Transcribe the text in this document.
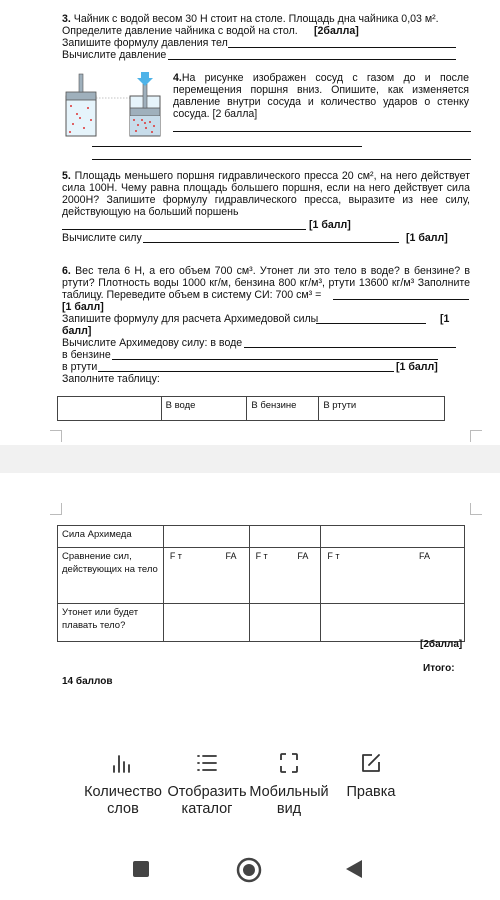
3. Чайник с водой весом 30 Н стоит на столе. Площадь дна чайника 0,03 м².
Определите давление чайника с водой на стол. [2балла]
Запишите формулу давления тел
Вычислите давление
4.На рисунке изображен сосуд с газом до и после перемещения поршня вниз. Опишите, как изменяется давление внутри сосуда и количество ударов о стенку сосуда. [2 балла]
5. Площадь меньшего поршня гидравлического пресса 20 см², на него действует сила 100Н. Чему равна площадь большего поршня, если на него действует сила 2000Н? Запишите формулу гидравлического пресса, выразите из нее силу, действующую на больший поршень
[1 балл]
Вычислите силу	[1 балл]
6. Вес тела 6 Н, а его объем 700 см³. Утонет ли это тело в воде? в бензине? в ртути? Плотность воды 1000 кг/м, бензина 800 кг/м³, ртути 13600 кг/м³ Заполните таблицу. Переведите объем в систему СИ: 700 см³ =
[1 балл]
Запишите формулу для расчета Архимедовой силы	[1
балл]
Вычислите Архимедову силу: в воде
в бензине
в ртути	[1 балл]
Заполните таблицу:
	В воде	В бензине	В ртути
Сила Архимеда			
Сравнение сил, действующих на тело	F т FA	F т FA	F т FA

Утонет или будет плавать тело?			
[2балла]
Итого:
14 баллов
Количество слов
Отобразить каталог
Мобильный вид
Правка
